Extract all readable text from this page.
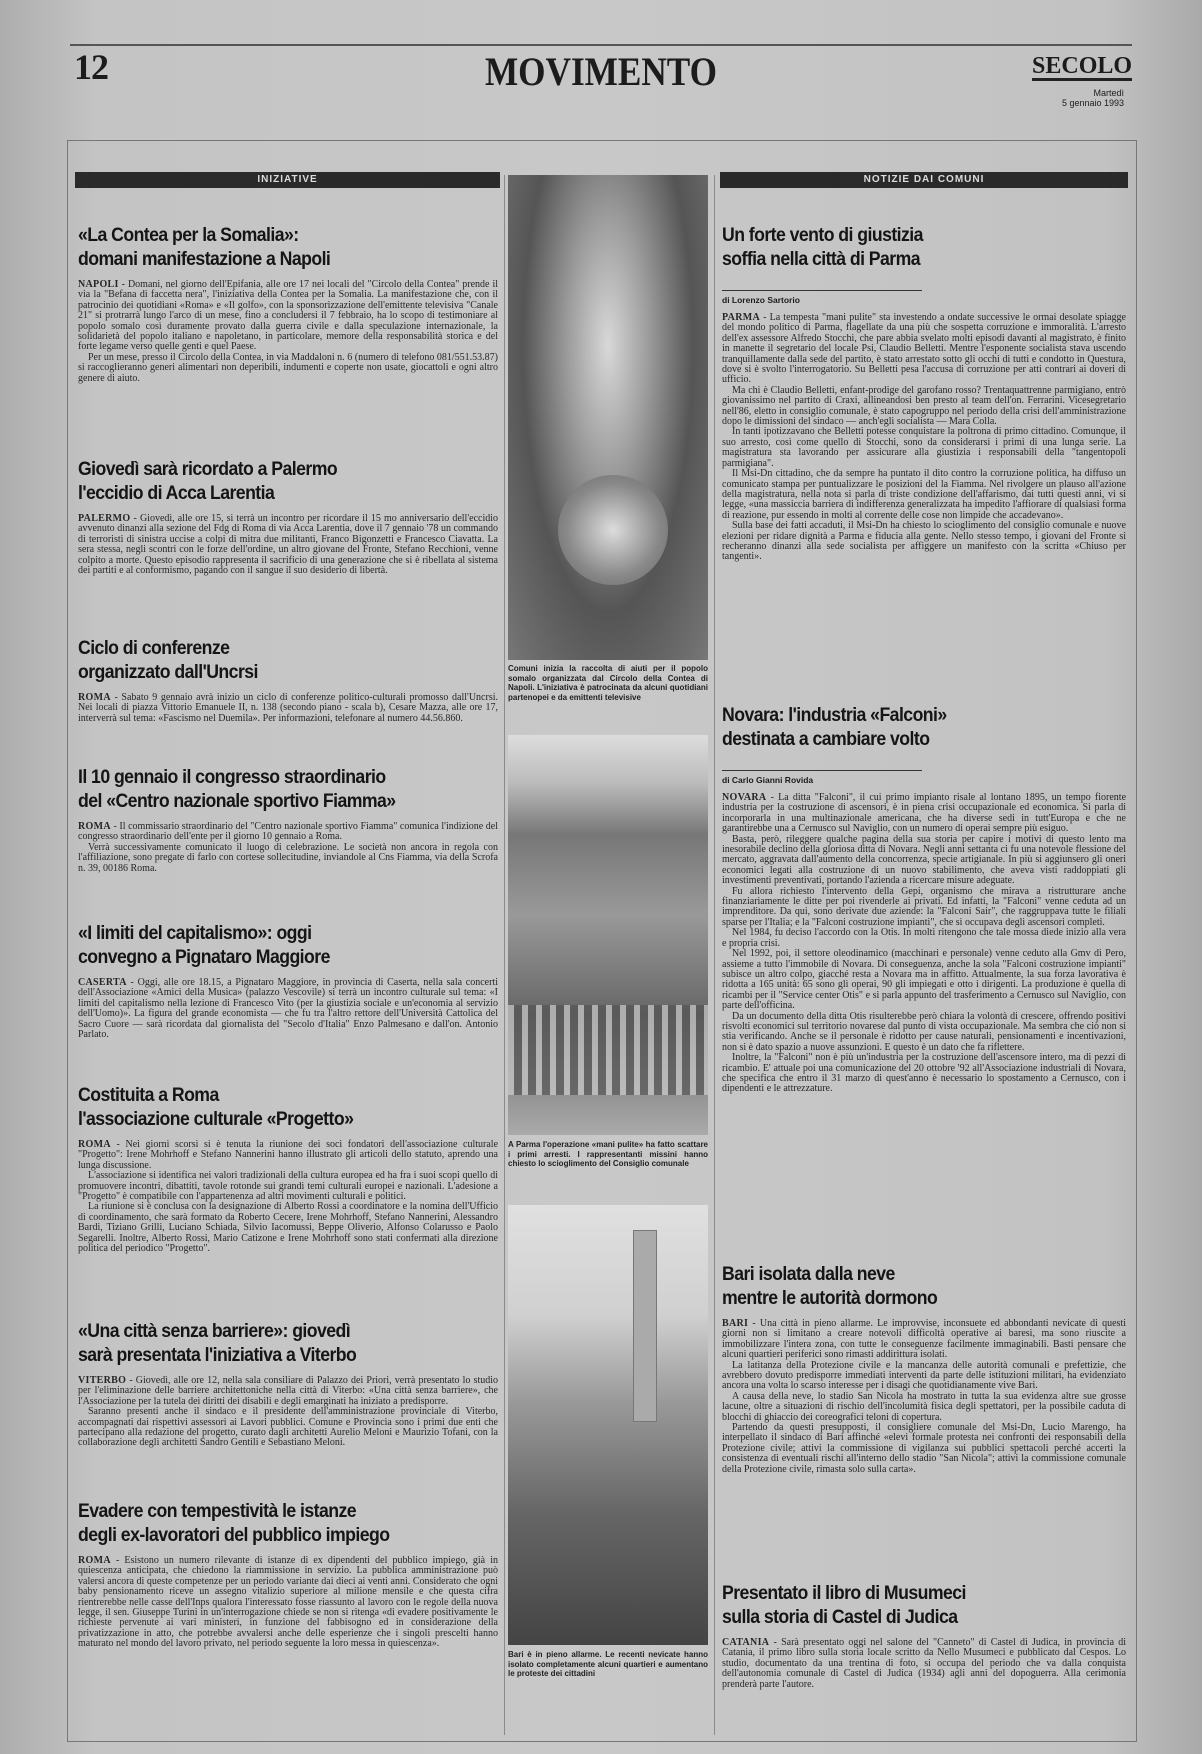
12	MOVIMENTO	SECOLO
Martedì
5 gennaio 1993
INIZIATIVE	NOTIZIE DAI COMUNI
«La Contea per la Somalia»:
domani manifestazione a Napoli

NAPOLI - Domani, nel giorno dell'Epifania, alle ore 17 nei locali del "Circolo della Contea" prende il via la "Befana di faccetta nera", l'iniziativa della Contea per la Somalia. La manifestazione che, con il patrocinio dei quotidiani «Roma» e «Il golfo», con la sponsorizzazione dell'emittente televisiva "Canale 21" si protrarrà lungo l'arco di un mese, fino a concludersi il 7 febbraio, ha lo scopo di testimoniare al popolo somalo così duramente provato dalla guerra civile e dalla speculazione internazionale, la solidarietà del popolo italiano e napoletano, in particolare, memore della responsabilità storica e del forte legame verso quelle genti e quel Paese.

Per un mese, presso il Circolo della Contea, in via Maddaloni n. 6 (numero di telefono 081/551.53.87) si raccoglieranno generi alimentari non deperibili, indumenti e coperte non usate, giocattoli e ogni altro genere di aiuto.

Giovedì sarà ricordato a Palermo
l'eccidio di Acca Larentia

PALERMO - Giovedì, alle ore 15, si terrà un incontro per ricordare il 15 mo anniversario dell'eccidio avvenuto dinanzi alla sezione del Fdg di Roma di via Acca Larentia, dove il 7 gennaio '78 un commando di terroristi di sinistra uccise a colpi di mitra due militanti, Franco Bigonzetti e Francesco Ciavatta. La sera stessa, negli scontri con le forze dell'ordine, un altro giovane del Fronte, Stefano Recchioni, venne colpito a morte. Questo episodio rappresenta il sacrificio di una generazione che si è ribellata al sistema dei partiti e al conformismo, pagando con il sangue il suo desiderio di libertà.

Ciclo di conferenze
organizzato dall'Uncrsi

ROMA - Sabato 9 gennaio avrà inizio un ciclo di conferenze politico-culturali promosso dall'Uncrsi. Nei locali di piazza Vittorio Emanuele II, n. 138 (secondo piano - scala b), Cesare Mazza, alle ore 17, interverrà sul tema: «Fascismo nel Duemila». Per informazioni, telefonare al numero 44.56.860.

Il 10 gennaio il congresso straordinario
del «Centro nazionale sportivo Fiamma»

ROMA - Il commissario straordinario del "Centro nazionale sportivo Fiamma" comunica l'indizione del congresso straordinario dell'ente per il giorno 10 gennaio a Roma.

Verrà successivamente comunicato il luogo di celebrazione. Le società non ancora in regola con l'affiliazione, sono pregate di farlo con cortese sollecitudine, inviandole al Cns Fiamma, via della Scrofa n. 39, 00186 Roma.

«I limiti del capitalismo»: oggi
convegno a Pignataro Maggiore

CASERTA - Oggi, alle ore 18.15, a Pignataro Maggiore, in provincia di Caserta, nella sala concerti dell'Associazione «Amici della Musica» (palazzo Vescovile) si terrà un incontro culturale sul tema: «I limiti del capitalismo nella lezione di Francesco Vito (per la giustizia sociale e un'economia al servizio dell'Uomo)». La figura del grande economista — che fu tra l'altro rettore dell'Università Cattolica del Sacro Cuore — sarà ricordata dal giornalista del "Secolo d'Italia" Enzo Palmesano e dall'on. Antonio Parlato.

Costituita a Roma
l'associazione culturale «Progetto»

ROMA - Nei giorni scorsi si è tenuta la riunione dei soci fondatori dell'associazione culturale "Progetto": Irene Mohrhoff e Stefano Nannerini hanno illustrato gli articoli dello statuto, aprendo una lunga discussione.

L'associazione si identifica nei valori tradizionali della cultura europea ed ha fra i suoi scopi quello di promuovere incontri, dibattiti, tavole rotonde sui grandi temi culturali europei e nazionali. L'adesione a "Progetto" è compatibile con l'appartenenza ad altri movimenti culturali e politici.

La riunione si è conclusa con la designazione di Alberto Rossi a coordinatore e la nomina dell'Ufficio di coordinamento, che sarà formato da Roberto Cecere, Irene Mohrhoff, Stefano Nannerini, Alessandro Bardi, Tiziano Grilli, Luciano Schiada, Silvio Iacomussi, Beppe Oliverio, Alfonso Colarusso e Paolo Segarelli. Inoltre, Alberto Rossi, Mario Catizone e Irene Mohrhoff sono stati confermati alla direzione politica del periodico "Progetto".

«Una città senza barriere»: giovedì
sarà presentata l'iniziativa a Viterbo

VITERBO - Giovedì, alle ore 12, nella sala consiliare di Palazzo dei Priori, verrà presentato lo studio per l'eliminazione delle barriere architettoniche nella città di Viterbo: «Una città senza barriere», che l'Associazione per la tutela dei diritti dei disabili e degli emarginati ha iniziato a predisporre.

Saranno presenti anche il sindaco e il presidente dell'amministrazione provinciale di Viterbo, accompagnati dai rispettivi assessori ai Lavori pubblici. Comune e Provincia sono i primi due enti che partecipano alla redazione del progetto, curato dagli architetti Aurelio Meloni e Maurizio Tofani, con la collaborazione degli architetti Sandro Gentili e Sebastiano Meloni.

Evadere con tempestività le istanze
degli ex-lavoratori del pubblico impiego

ROMA - Esistono un numero rilevante di istanze di ex dipendenti del pubblico impiego, già in quiescenza anticipata, che chiedono la riammissione in servizio. La pubblica amministrazione può valersi ancora di queste competenze per un periodo variante dai dieci ai venti anni. Considerato che ogni baby pensionamento riceve un assegno vitalizio superiore al milione mensile e che questa cifra rientrerebbe nelle casse dell'Inps qualora l'interessato fosse riassunto al lavoro con le regole della nuova legge, il sen. Giuseppe Turini in un'interrogazione chiede se non si ritenga «di evadere positivamente le richieste pervenute ai vari ministeri, in funzione del fabbisogno ed in considerazione della privatizzazione in atto, che potrebbe avvalersi anche delle esperienze che i singoli prescelti hanno maturato nel mondo del lavoro privato, nel periodo seguente la loro messa in quiescenza».

Un forte vento di giustizia
soffia nella città di Parma
di Lorenzo Sartorio

PARMA - La tempesta "mani pulite" sta investendo a ondate successive le ormai desolate spiagge del mondo politico di Parma, flagellate da una più che sospetta corruzione e immoralità. L'arresto dell'ex assessore Alfredo Stocchi, che pare abbia svelato molti episodi davanti al magistrato, è finito in manette il segretario del locale Psi, Claudio Belletti. Mentre l'esponente socialista stava uscendo tranquillamente dalla sede del partito, è stato arrestato sotto gli occhi di tutti e condotto in Questura, dove si è svolto l'interrogatorio. Su Belletti pesa l'accusa di corruzione per atti contrari ai doveri di ufficio.

Ma chi è Claudio Belletti, enfant-prodige del garofano rosso? Trentaquattrenne parmigiano, entrò giovanissimo nel partito di Craxi, allineandosi ben presto al team dell'on. Ferrarini. Vicesegretario nell'86, eletto in consiglio comunale, è stato capogruppo nel periodo della crisi dell'amministrazione dopo le dimissioni del sindaco — anch'egli socialista — Mara Colla.

In tanti ipotizzavano che Belletti potesse conquistare la poltrona di primo cittadino. Comunque, il suo arresto, così come quello di Stocchi, sono da considerarsi i primi di una lunga serie. La magistratura sta lavorando per assicurare alla giustizia i responsabili della "tangentopoli parmigiana".

Il Msi-Dn cittadino, che da sempre ha puntato il dito contro la corruzione politica, ha diffuso un comunicato stampa per puntualizzare le posizioni del la Fiamma. Nel rivolgere un plauso all'azione della magistratura, nella nota si parla di triste condizione dell'affarismo, dai tutti questi anni, vi si legge, «una massiccia barriera di indifferenza generalizzata ha impedito l'affiorare di qualsiasi forma di reazione, pur essendo in molti al corrente delle cose non limpide che accadevano».

Sulla base dei fatti accaduti, il Msi-Dn ha chiesto lo scioglimento del consiglio comunale e nuove elezioni per ridare dignità a Parma e fiducia alla gente. Nello stesso tempo, i giovani del Fronte si recheranno dinanzi alla sede socialista per affiggere un manifesto con la scritta «Chiuso per tangenti».

Novara: l'industria «Falconi»
destinata a cambiare volto
di Carlo Gianni Rovida

NOVARA - La ditta "Falconi", il cui primo impianto risale al lontano 1895, un tempo fiorente industria per la costruzione di ascensori, è in piena crisi occupazionale ed economica. Si parla di incorporarla in una multinazionale americana, che ha diverse sedi in tutt'Europa e che ne garantirebbe una a Cernusco sul Naviglio, con un numero di operai sempre più esiguo.

Basta, però, rileggere qualche pagina della sua storia per capire i motivi di questo lento ma inesorabile declino della gloriosa ditta di Novara. Negli anni settanta ci fu una notevole flessione del mercato, aggravata dall'aumento della concorrenza, specie artigianale. In più si aggiunsero gli oneri economici legati alla costruzione di un nuovo stabilimento, che aveva visti raddoppiati gli investimenti preventivati, portando l'azienda a ricercare misure adeguate.

Fu allora richiesto l'intervento della Gepi, organismo che mirava a ristrutturare anche finanziariamente le ditte per poi rivenderle ai privati. Ed infatti, la "Falconi" venne ceduta ad un imprenditore. Da qui, sono derivate due aziende: la "Falconi Sair", che raggruppava tutte le filiali sparse per l'Italia; e la "Falconi costruzione impianti", che si occupava degli ascensori completi.

Nel 1984, fu deciso l'accordo con la Otis. In molti ritengono che tale mossa diede inizio alla vera e propria crisi.

Nel 1992, poi, il settore oleodinamico (macchinari e personale) venne ceduto alla Gmv di Pero, assieme a tutto l'immobile di Novara. Di conseguenza, anche la sola "Falconi costruzione impianti" subisce un altro colpo, giacché resta a Novara ma in affitto. Attualmente, la sua forza lavorativa è ridotta a 165 unità: 65 sono gli operai, 90 gli impiegati e otto i dirigenti. La produzione è quella di ricambi per il "Service center Otis" e si parla appunto del trasferimento a Cernusco sul Naviglio, con parte dell'officina.

Da un documento della ditta Otis risulterebbe però chiara la volontà di crescere, offrendo positivi risvolti economici sul territorio novarese dal punto di vista occupazionale. Ma sembra che ciò non si stia verificando. Anche se il personale è ridotto per cause naturali, pensionamenti e incentivazioni, non si è dato spazio a nuove assunzioni. E questo è un dato che fa riflettere.

Inoltre, la "Falconi" non è più un'industria per la costruzione dell'ascensore intero, ma di pezzi di ricambio. E' attuale poi una comunicazione del 20 ottobre '92 all'Associazione industriali di Novara, che specifica che entro il 31 marzo di quest'anno è necessario lo spostamento a Cernusco, con i dipendenti e le attrezzature.

Bari isolata dalla neve
mentre le autorità dormono

BARI - Una città in pieno allarme. Le improvvise, inconsuete ed abbondanti nevicate di questi giorni non si limitano a creare notevoli difficoltà operative ai baresi, ma sono riuscite a immobilizzare l'intera zona, con tutte le conseguenze facilmente immaginabili. Basti pensare che alcuni quartieri periferici sono rimasti addirittura isolati.

La latitanza della Protezione civile e la mancanza delle autorità comunali e prefettizie, che avrebbero dovuto predisporre immediati interventi da parte delle istituzioni militari, ha evidenziato ancora una volta lo scarso interesse per i disagi che quotidianamente vive Bari.

A causa della neve, lo stadio San Nicola ha mostrato in tutta la sua evidenza altre sue grosse lacune, oltre a situazioni di rischio dell'incolumità fisica degli spettatori, per la possibile caduta di blocchi di ghiaccio dei coreografici teloni di copertura.

Partendo da questi presupposti, il consigliere comunale del Msi-Dn, Lucio Marengo, ha interpellato il sindaco di Bari affinché «elevi formale protesta nei confronti dei responsabili della Protezione civile; attivi la commissione di vigilanza sui pubblici spettacoli perché accerti la consistenza di eventuali rischi all'interno dello stadio "San Nicola"; attivi la commissione comunale della Protezione civile, rimasta solo sulla carta».

Presentato il libro di Musumeci
sulla storia di Castel di Judica

CATANIA - Sarà presentato oggi nel salone del "Canneto" di Castel di Judica, in provincia di Catania, il primo libro sulla storia locale scritto da Nello Musumeci e pubblicato dal Cespos. Lo studio, documentato da una trentina di foto, si occupa del periodo che va dalla conquista dell'autonomia comunale di Castel di Judica (1934) agli anni del dopoguerra. Alla cerimonia prenderà parte l'autore.

Comuni inizia la raccolta di aiuti per il popolo somalo organizzata dal Circolo della Contea di Napoli. L'iniziativa è patrocinata da alcuni quotidiani partenopei e da emittenti televisive
A Parma l'operazione «mani pulite» ha fatto scattare i primi arresti. I rappresentanti missini hanno chiesto lo scioglimento del Consiglio comunale
Bari è in pieno allarme. Le recenti nevicate hanno isolato completamente alcuni quartieri e aumentano le proteste dei cittadini
